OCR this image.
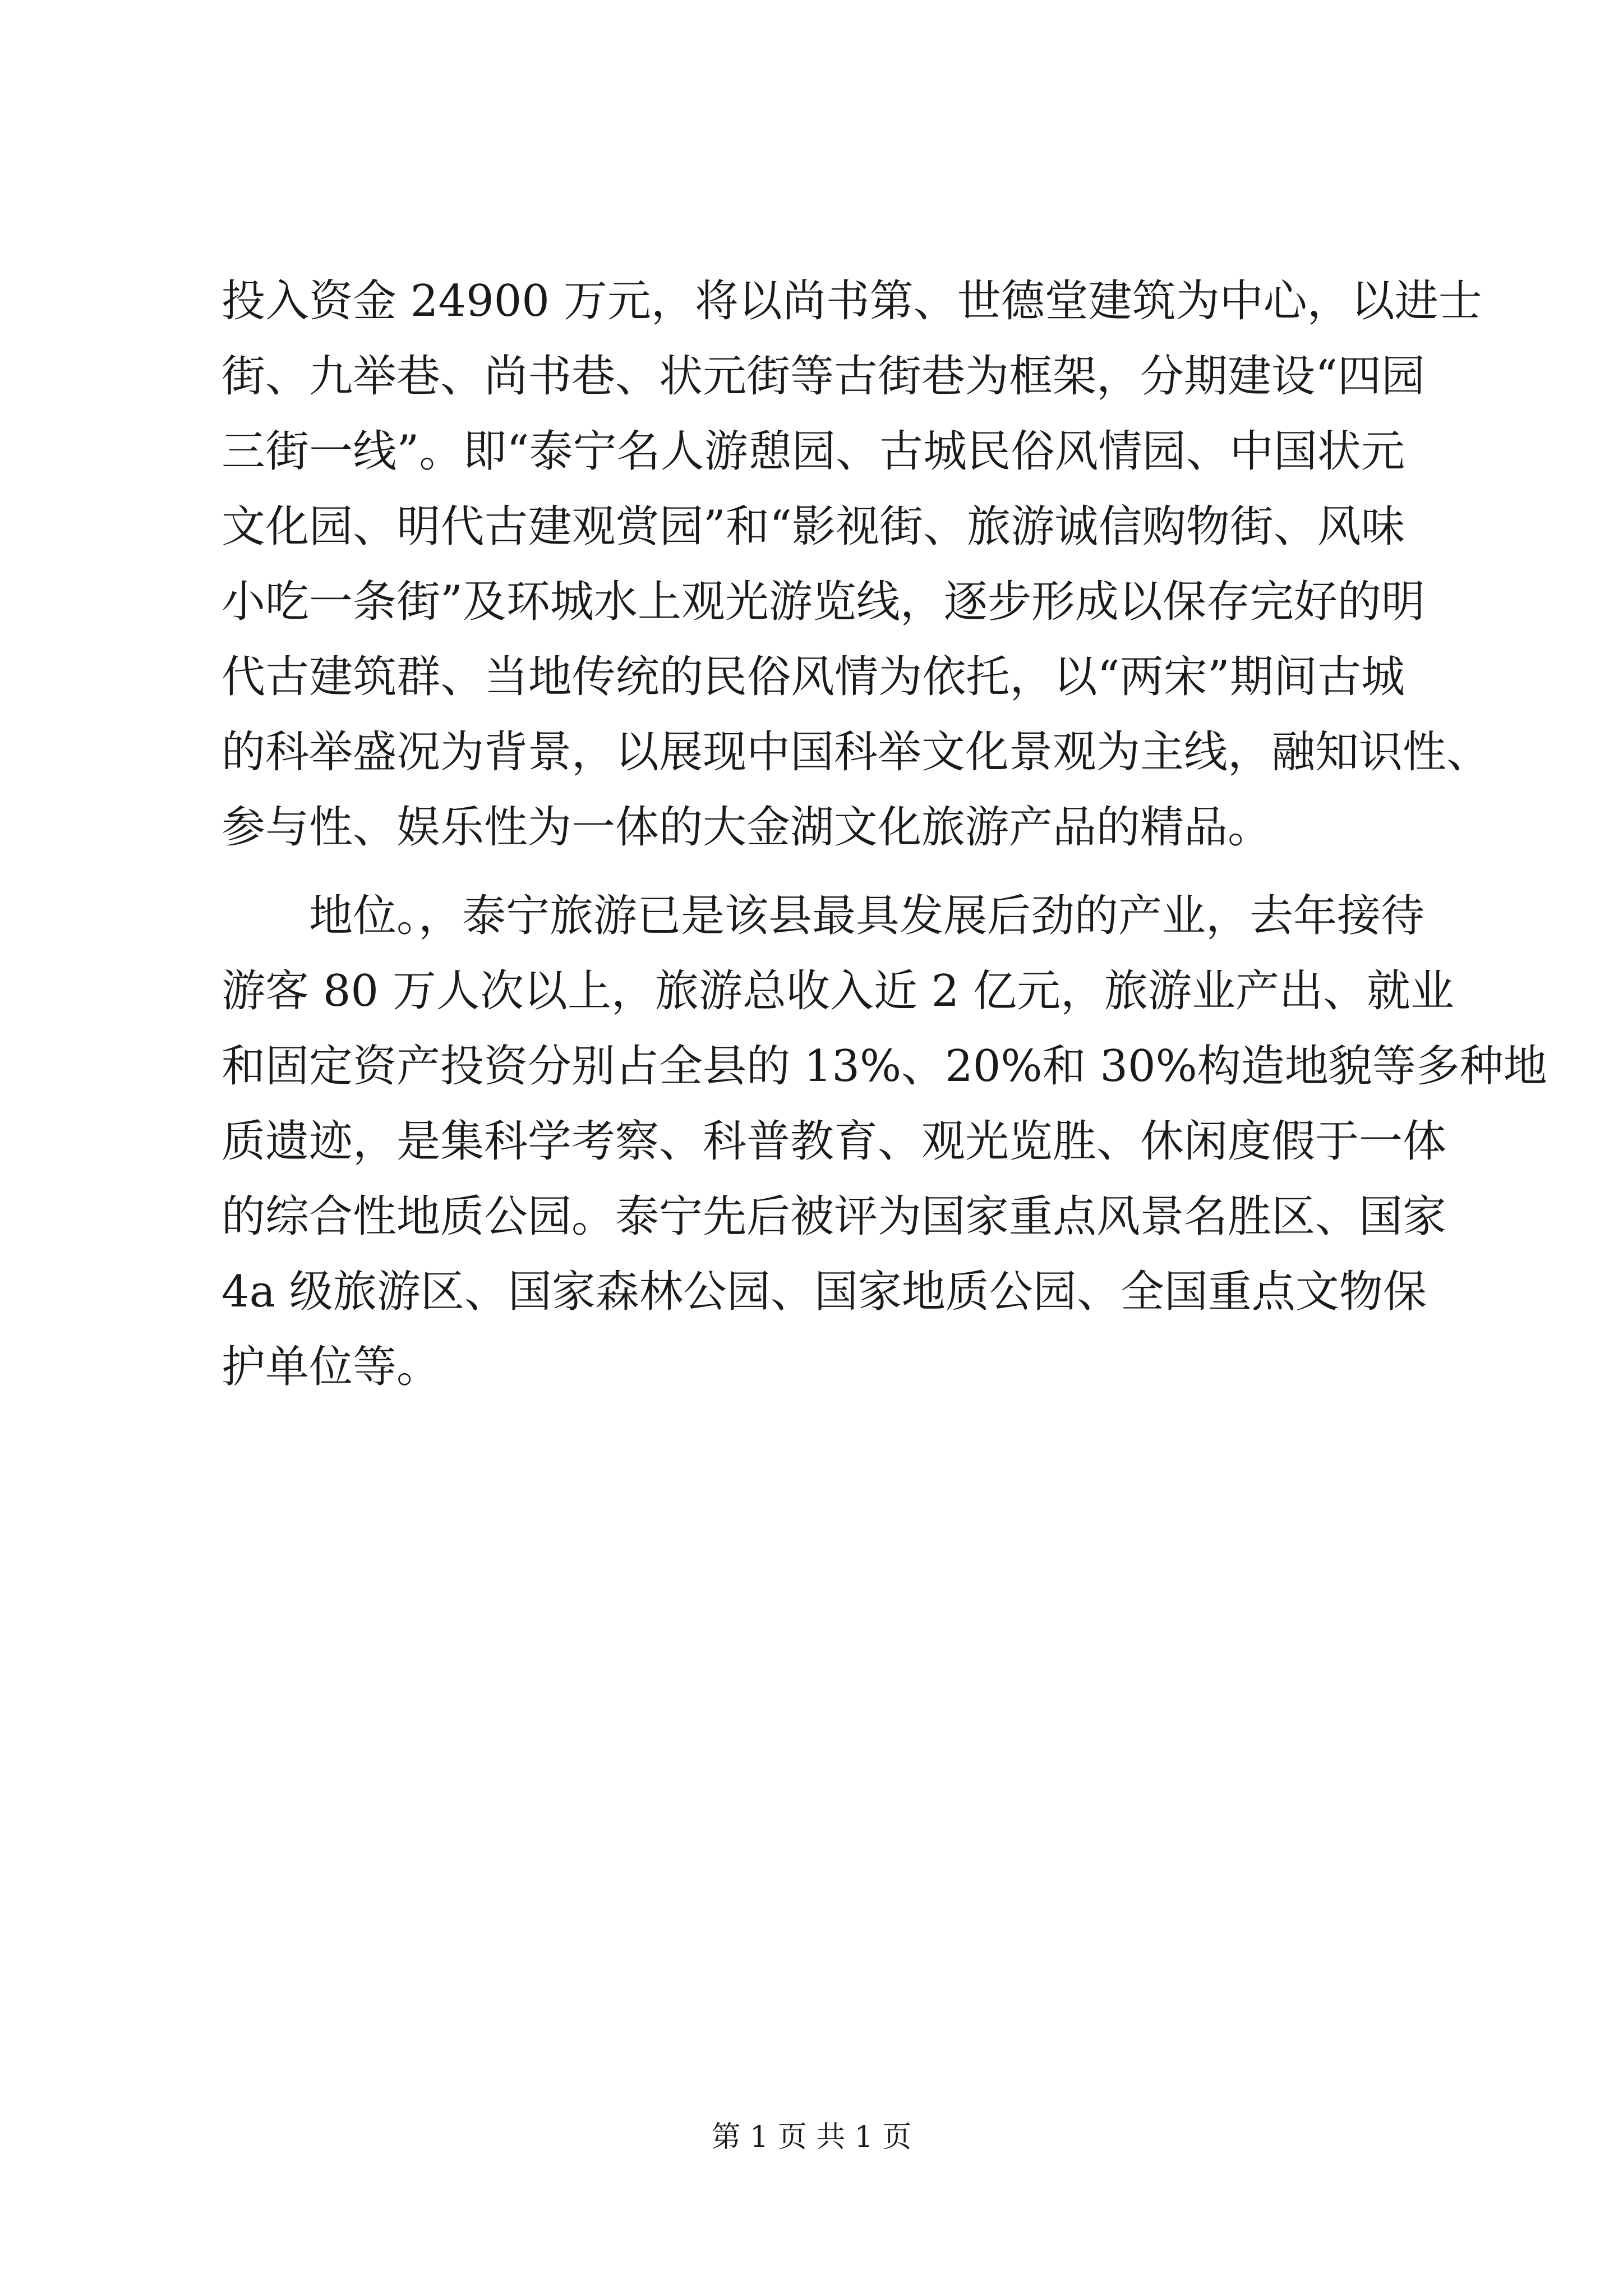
投入资金 24900 万元，将以尚书第、世德堂建筑为中心，以进士
街、九举巷、尚书巷、状元街等古街巷为框架，分期建设“四园
三街一线”。即“泰宁名人游憩园、古城民俗风情园、中国状元
文化园、明代古建观赏园”和“影视街、旅游诚信购物街、风味
小吃一条街”及环城水上观光游览线，逐步形成以保存完好的明
代古建筑群、当地传统的民俗风情为依托，以“两宋”期间古城
的科举盛况为背景，以展现中国科举文化景观为主线，融知识性、
参与性、娱乐性为一体的大金湖文化旅游产品的精品。
地位。，泰宁旅游已是该县最具发展后劲的产业，去年接待
游客 80 万人次以上，旅游总收入近 2 亿元，旅游业产出、就业
和固定资产投资分别占全县的 13%、20%和 30%构造地貌等多种地
质遗迹，是集科学考察、科普教育、观光览胜、休闲度假于一体
的综合性地质公园。泰宁先后被评为国家重点风景名胜区、国家
4a 级旅游区、国家森林公园、国家地质公园、全国重点文物保
护单位等。
第 1 页 共 1 页
